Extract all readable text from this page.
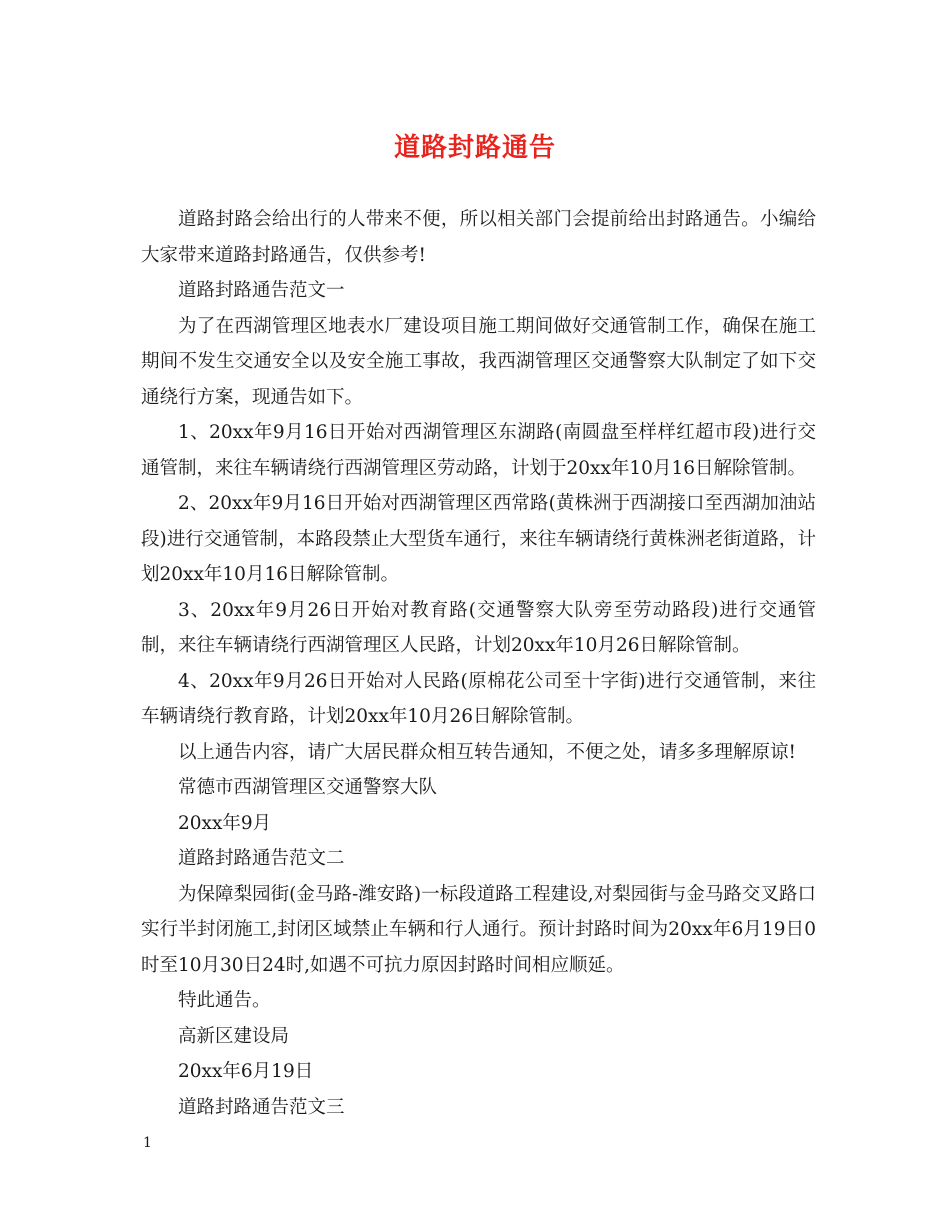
道路封路通告

道路封路会给出行的人带来不便，所以相关部门会提前给出封路通告。小编给大家带来道路封路通告，仅供参考!

道路封路通告范文一

为了在西湖管理区地表水厂建设项目施工期间做好交通管制工作，确保在施工期间不发生交通安全以及安全施工事故，我西湖管理区交通警察大队制定了如下交通绕行方案，现通告如下。

1、20xx年9月16日开始对西湖管理区东湖路(南圆盘至样样红超市段)进行交通管制，来往车辆请绕行西湖管理区劳动路，计划于20xx年10月16日解除管制。

2、20xx年9月16日开始对西湖管理区西常路(黄株洲于西湖接口至西湖加油站段)进行交通管制，本路段禁止大型货车通行，来往车辆请绕行黄株洲老街道路，计划20xx年10月16日解除管制。

3、20xx年9月26日开始对教育路(交通警察大队旁至劳动路段)进行交通管制，来往车辆请绕行西湖管理区人民路，计划20xx年10月26日解除管制。

4、20xx年9月26日开始对人民路(原棉花公司至十字街)进行交通管制，来往车辆请绕行教育路，计划20xx年10月26日解除管制。

以上通告内容，请广大居民群众相互转告通知，不便之处，请多多理解原谅!

常德市西湖管理区交通警察大队

20xx年9月

道路封路通告范文二

为保障梨园街(金马路-潍安路)一标段道路工程建设,对梨园街与金马路交叉路口实行半封闭施工,封闭区域禁止车辆和行人通行。预计封路时间为20xx年6月19日0时至10月30日24时,如遇不可抗力原因封路时间相应顺延。

特此通告。

高新区建设局

20xx年6月19日

道路封路通告范文三

1
